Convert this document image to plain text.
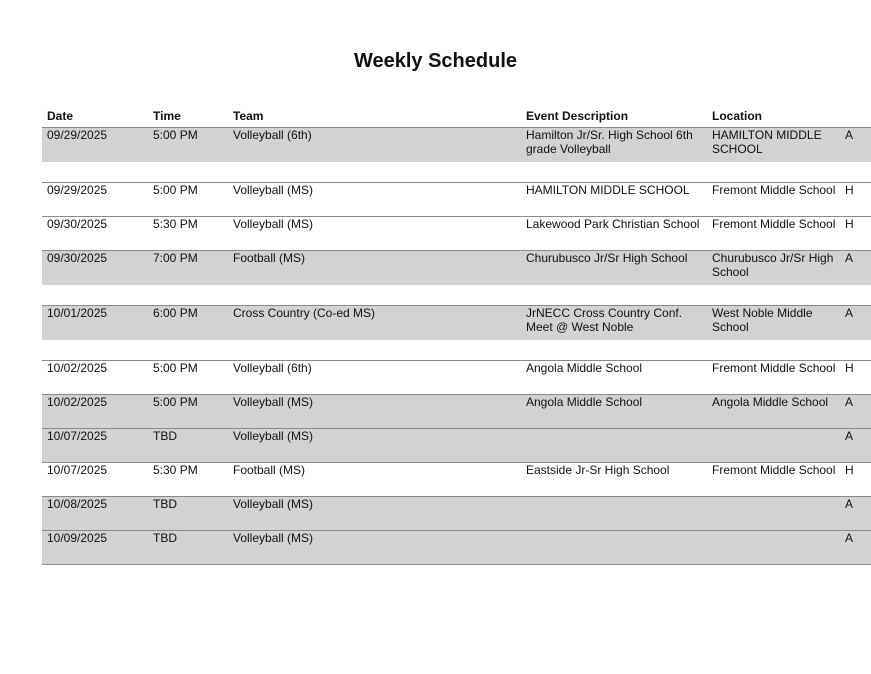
Weekly Schedule
Date	Time	Team	Event Description	Location	
09/29/2025	5:00 PM	Volleyball (6th)	Hamilton Jr/Sr. High School 6th grade Volleyball	HAMILTON MIDDLE SCHOOL	A
09/29/2025	5:00 PM	Volleyball (MS)	HAMILTON MIDDLE SCHOOL	Fremont Middle School	H
09/30/2025	5:30 PM	Volleyball (MS)	Lakewood Park Christian School	Fremont Middle School	H
09/30/2025	7:00 PM	Football (MS)	Churubusco Jr/Sr High School	Churubusco Jr/Sr High School	A
10/01/2025	6:00 PM	Cross Country (Co-ed MS)	JrNECC Cross Country Conf. Meet @ West Noble	West Noble Middle School	A
10/02/2025	5:00 PM	Volleyball (6th)	Angola Middle School	Fremont Middle School	H
10/02/2025	5:00 PM	Volleyball (MS)	Angola Middle School	Angola Middle School	A
10/07/2025	TBD	Volleyball (MS)			A
10/07/2025	5:30 PM	Football (MS)	Eastside Jr-Sr High School	Fremont Middle School	H
10/08/2025	TBD	Volleyball (MS)			A
10/09/2025	TBD	Volleyball (MS)			A
